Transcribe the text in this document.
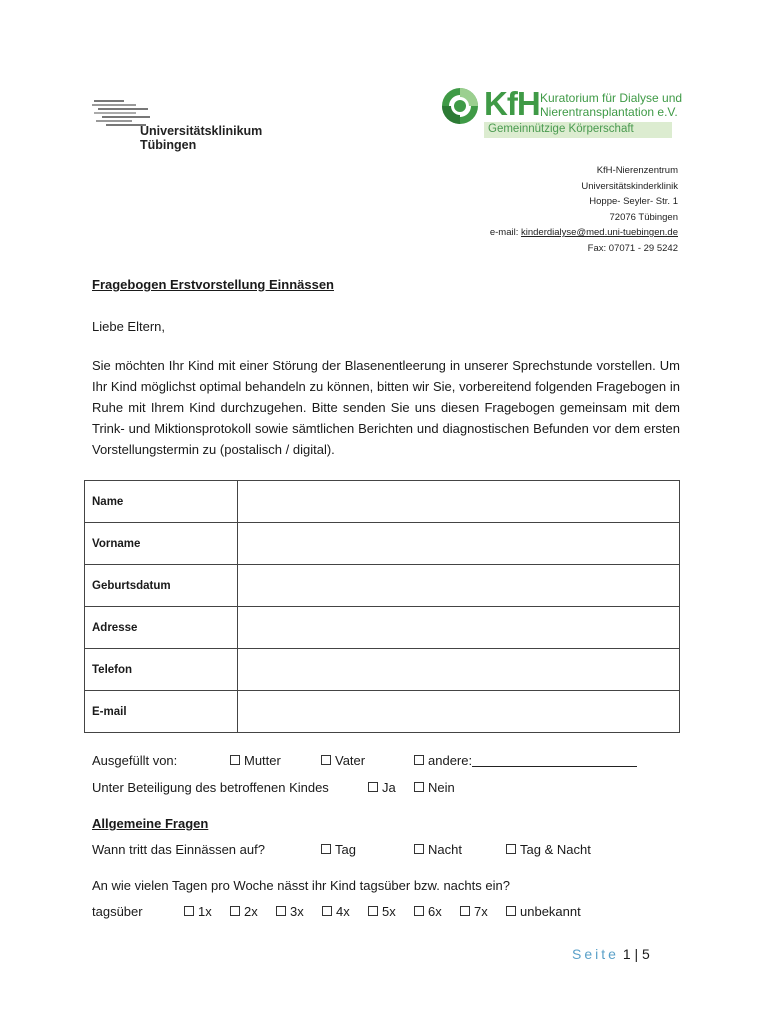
Universitätsklinikum
Tübingen
KfH Kuratorium für Dialyse und
Nierentransplantation e.V.
Gemeinnützige Körperschaft
KfH-Nierenzentrum
Universitätskinderklinik
Hoppe- Seyler- Str. 1
72076 Tübingen
e-mail: kinderdialyse@med.uni-tuebingen.de
Fax: 07071 - 29 5242
Fragebogen Erstvorstellung Einnässen
Liebe Eltern,
Sie möchten Ihr Kind mit einer Störung der Blasenentleerung in unserer Sprechstunde vorstellen. Um Ihr Kind möglichst optimal behandeln zu können, bitten wir Sie, vorbereitend folgenden Fragebogen in Ruhe mit Ihrem Kind durchzugehen. Bitte senden Sie uns diesen Fragebogen gemeinsam mit dem Trink- und Miktionsprotokoll sowie sämtlichen Berichten und diagnostischen Befunden vor dem ersten Vorstellungstermin zu (postalisch / digital).
Name	
Vorname	
Geburtsdatum	
Adresse	
Telefon	
E-mail	
Ausgefüllt von:	Mutter	Vater	andere:
Unter Beteiligung des betroffenen Kindes	Ja	Nein
Allgemeine Fragen
Wann tritt das Einnässen auf?	Tag	Nacht	Tag & Nacht
An wie vielen Tagen pro Woche nässt ihr Kind tagsüber bzw. nachts ein?
tagsüber	1x	2x	3x	4x	5x	6x	7x	unbekannt
Seite 1 | 5
